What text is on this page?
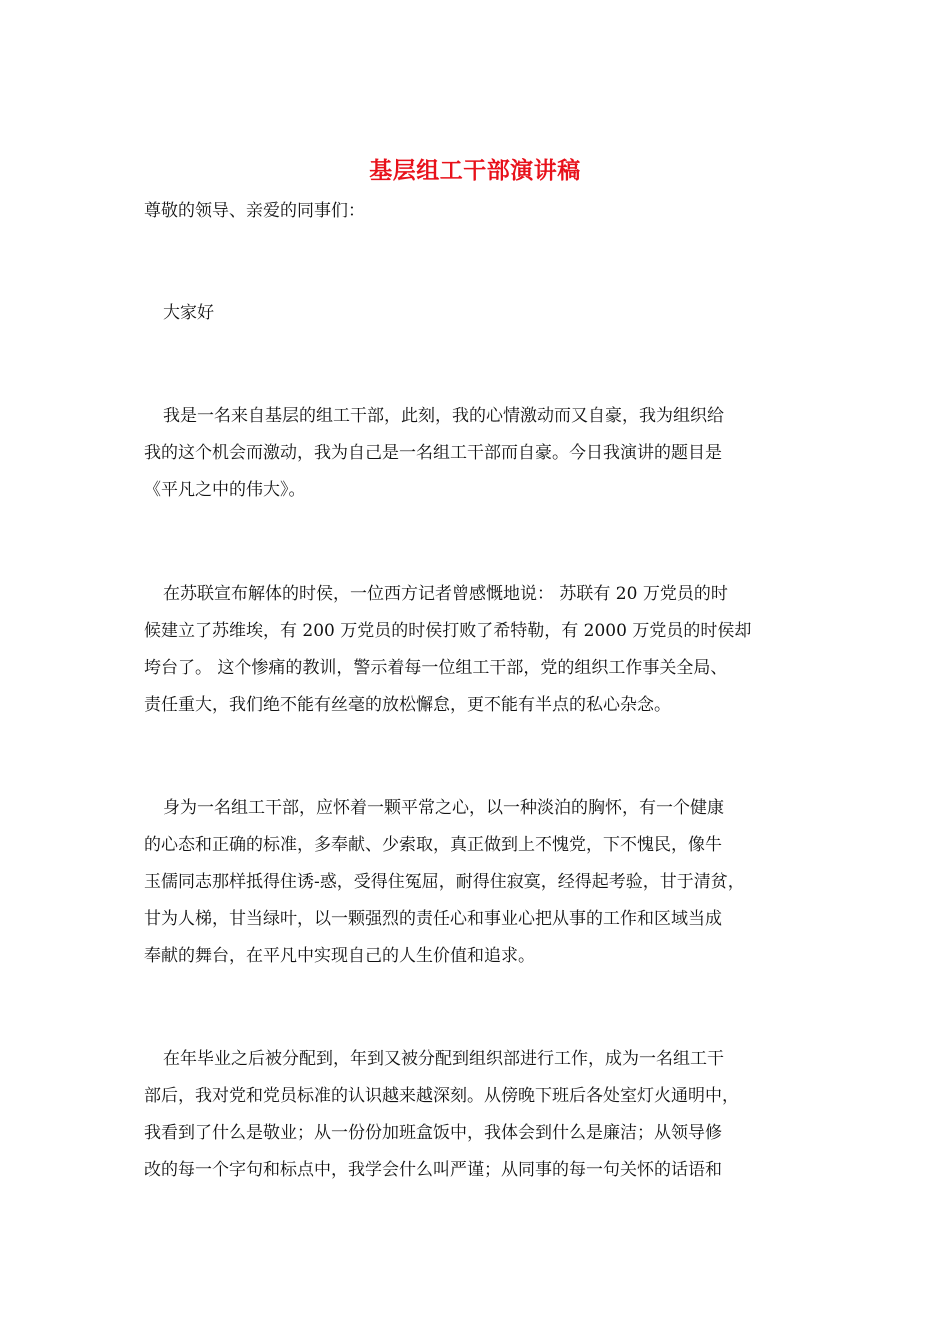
基层组工干部演讲稿

尊敬的领导、亲爱的同事们：

大家好

我是一名来自基层的组工干部，此刻，我的心情激动而又自豪，我为组织给

我的这个机会而激动，我为自己是一名组工干部而自豪。今日我演讲的题目是

《平凡之中的伟大》。

在苏联宣布解体的时侯，一位西方记者曾感慨地说： 苏联有 20 万党员的时

候建立了苏维埃，有 200 万党员的时侯打败了希特勒，有 2000 万党员的时侯却

垮台了。 这个惨痛的教训，警示着每一位组工干部，党的组织工作事关全局、

责任重大，我们绝不能有丝毫的放松懈怠，更不能有半点的私心杂念。

身为一名组工干部，应怀着一颗平常之心，以一种淡泊的胸怀，有一个健康

的心态和正确的标准，多奉献、少索取，真正做到上不愧党，下不愧民，像牛

玉儒同志那样抵得住诱-惑，受得住冤屈，耐得住寂寞，经得起考验，甘于清贫，

甘为人梯，甘当绿叶，以一颗强烈的责任心和事业心把从事的工作和区域当成

奉献的舞台，在平凡中实现自己的人生价值和追求。

在年毕业之后被分配到，年到又被分配到组织部进行工作，成为一名组工干

部后，我对党和党员标准的认识越来越深刻。从傍晚下班后各处室灯火通明中，

我看到了什么是敬业；从一份份加班盒饭中，我体会到什么是廉洁；从领导修

改的每一个字句和标点中，我学会什么叫严谨；从同事的每一句关怀的话语和
